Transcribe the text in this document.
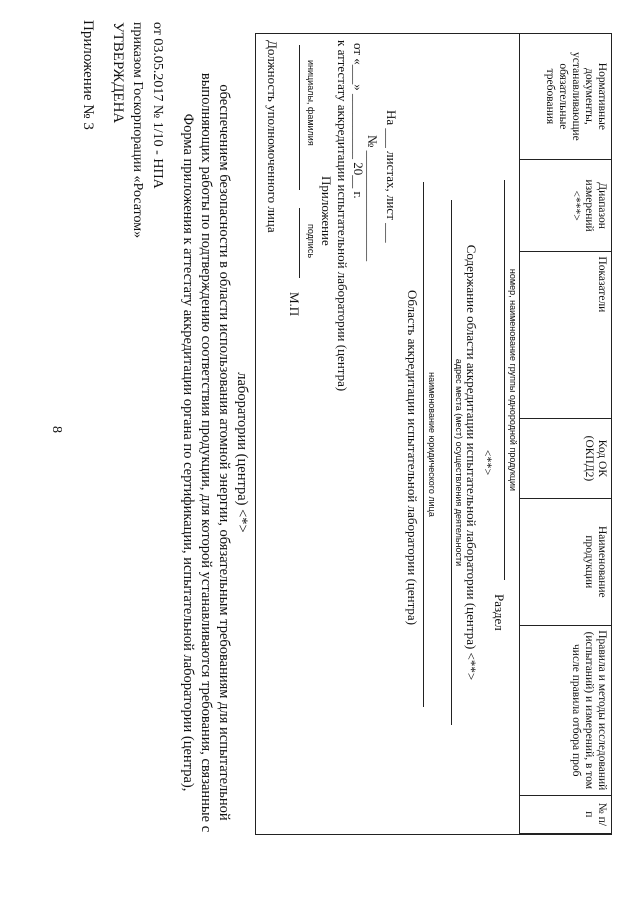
8
Приложение № 3 УТВЕРЖДЕНА приказом Госкорпорации «Росатом» от 03.05.2017 № 1/10 - НПА
Форма приложения к аттестату аккредитации органа по сертификации, испытательной лаборатории (центра), выполняющих работы по подтверждению соответствия продукции, для которой устанавливаются требования, связанные с обеспечением безопасности в области использования атомной энергии, обязательным требованиям для испытательной лаборатории (центра) <*>
Должность уполномоченного лица
М.П
подпись
инициалы, фамилия
Приложение к аттестату аккредитации испытательной лаборатории (центра) от «___» __________ 20__ г. № _________________ На ___ листах, лист ___
Область аккредитации испытательной лаборатории (центра) наименование юридического лица адрес места (мест) осуществления деятельности Содержание области аккредитации испытательной лаборатории (центра) <**> <**>
Раздел
номер, наименование группы однородной продукции
Нормативные документы, устанавливающие обязательные требования	Диапазон измерений <***>	Показатели	Код ОК (ОКПД2)	Наименование продукции	Правила и методы исследований (испытаний) и измерений, в том числе правила отбора проб	№ п/п
